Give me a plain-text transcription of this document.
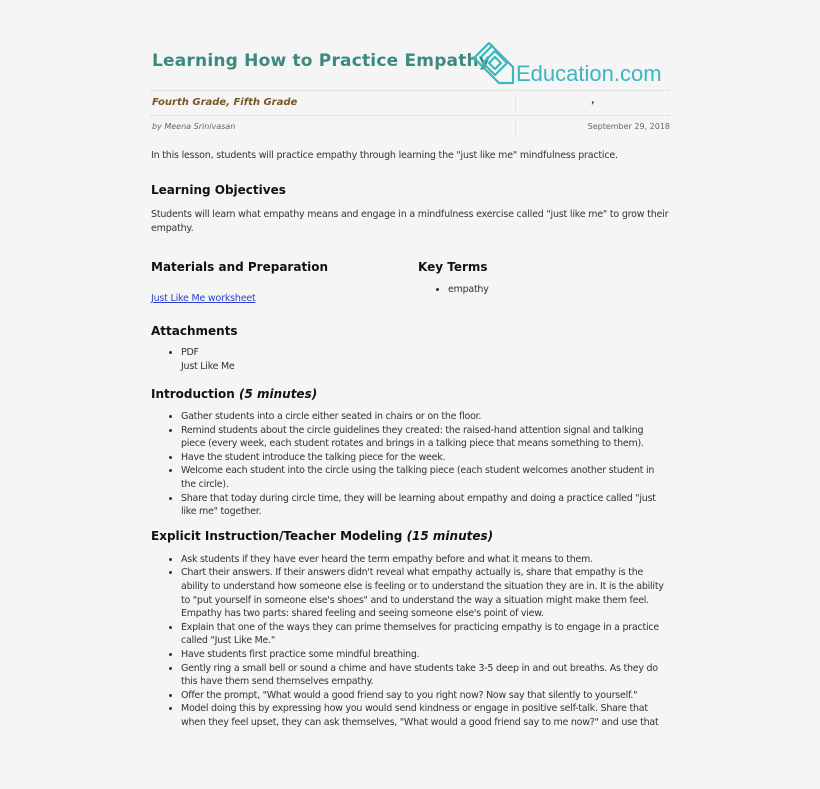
Learning How to Practice Empathy Education.com
Fourth Grade, Fifth Grade	,
by Meena Srinivasan	September 29, 2018

In this lesson, students will practice empathy through learning the "just like me" mindfulness practice.

Learning Objectives

Students will learn what empathy means and engage in a mindfulness exercise called "just like me" to grow their empathy.

Materials and Preparation
Just Like Me worksheet
Key Terms
• empathy
Attachments
• PDF
Just Like Me
Introduction (5 minutes)
• Gather students into a circle either seated in chairs or on the floor.
• Remind students about the circle guidelines they created: the raised-hand attention signal and talking piece (every week, each student rotates and brings in a talking piece that means something to them).
• Have the student introduce the talking piece for the week.
• Welcome each student into the circle using the talking piece (each student welcomes another student in the circle).
• Share that today during circle time, they will be learning about empathy and doing a practice called "just like me" together.
Explicit Instruction/Teacher Modeling (15 minutes)
• Ask students if they have ever heard the term empathy before and what it means to them.
• Chart their answers. If their answers didn't reveal what empathy actually is, share that empathy is the ability to understand how someone else is feeling or to understand the situation they are in. It is the ability to "put yourself in someone else's shoes" and to understand the way a situation might make them feel. Empathy has two parts: shared feeling and seeing someone else's point of view.
• Explain that one of the ways they can prime themselves for practicing empathy is to engage in a practice called "Just Like Me."
• Have students first practice some mindful breathing.
• Gently ring a small bell or sound a chime and have students take 3-5 deep in and out breaths. As they do this have them send themselves empathy.
• Offer the prompt, "What would a good friend say to you right now? Now say that silently to yourself."
• Model doing this by expressing how you would send kindness or engage in positive self-talk. Share that when they feel upset, they can ask themselves, "What would a good friend say to me now?" and use that
